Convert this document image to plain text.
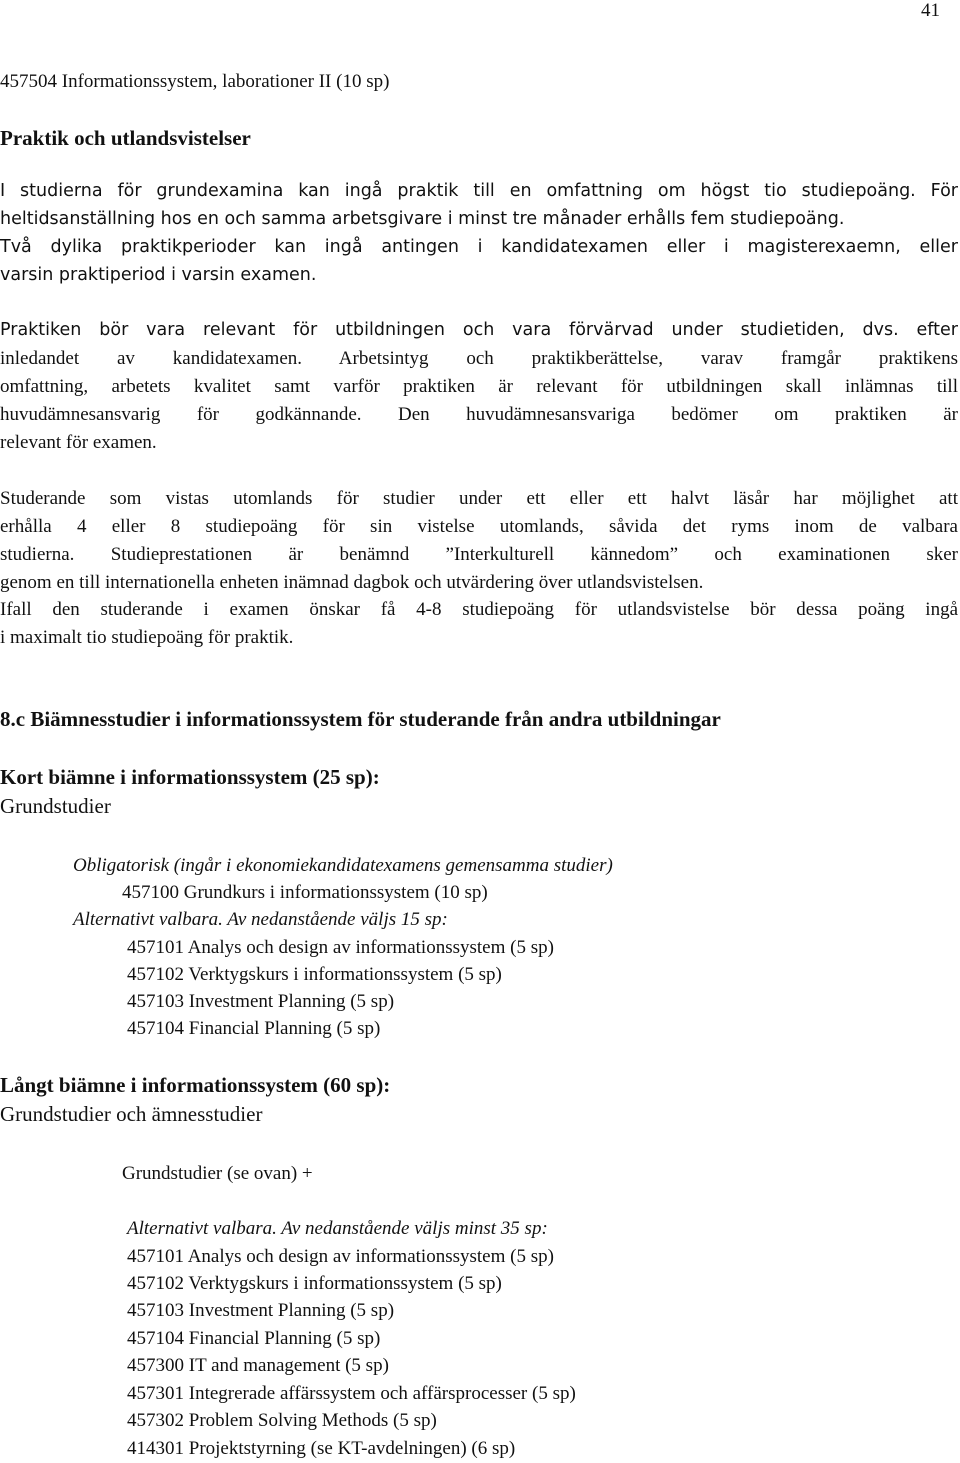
41
457504 Informationssystem, laborationer II (10 sp)
Praktik och utlandsvistelser
I studierna för grundexamina kan ingå praktik till en omfattning om högst tio studiepoäng. För
heltidsanställning hos en och samma arbetsgivare i minst tre månader erhålls fem studiepoäng.
Två dylika praktikperioder kan ingå antingen i kandidatexamen eller i magisterexaemn, eller
varsin praktiperiod i varsin examen.
Praktiken bör vara relevant för utbildningen och vara förvärvad under studietiden, dvs. efter
inledandet av kandidatexamen. Arbetsintyg och praktikberättelse, varav framgår praktikens
omfattning, arbetets kvalitet samt varför praktiken är relevant för utbildningen skall inlämnas till
huvudämnesansvarig för godkännande. Den huvudämnesansvariga bedömer om praktiken är
relevant för examen.
Studerande som vistas utomlands för studier under ett eller ett halvt läsår har möjlighet att
erhålla 4 eller 8 studiepoäng för sin vistelse utomlands, såvida det ryms inom de valbara
studierna. Studieprestationen är benämnd ”Interkulturell kännedom” och examinationen sker
genom en till internationella enheten inämnad dagbok och utvärdering över utlandsvistelsen.
Ifall den studerande i examen önskar få 4-8 studiepoäng för utlandsvistelse bör dessa poäng ingå
i maximalt tio studiepoäng för praktik.
8.c Biämnesstudier i informationssystem för studerande från andra utbildningar
Kort biämne i informationssystem (25 sp):
Grundstudier
Obligatorisk (ingår i ekonomiekandidatexamens gemensamma studier)
457100 Grundkurs i informationssystem (10 sp)
Alternativt valbara. Av nedanstående väljs 15 sp:
457101 Analys och design av informationssystem (5 sp)
457102 Verktygskurs i informationssystem (5 sp)
457103 Investment Planning (5 sp)
457104 Financial Planning (5 sp)
Långt biämne i informationssystem (60 sp):
Grundstudier och ämnesstudier
Grundstudier (se ovan) +
Alternativt valbara. Av nedanstående väljs minst 35 sp:
457101 Analys och design av informationssystem (5 sp)
457102 Verktygskurs i informationssystem (5 sp)
457103 Investment Planning (5 sp)
457104 Financial Planning (5 sp)
457300 IT and management (5 sp)
457301 Integrerade affärssystem och affärsprocesser (5 sp)
457302 Problem Solving Methods (5 sp)
414301 Projektstyrning (se KT-avdelningen) (6 sp)
